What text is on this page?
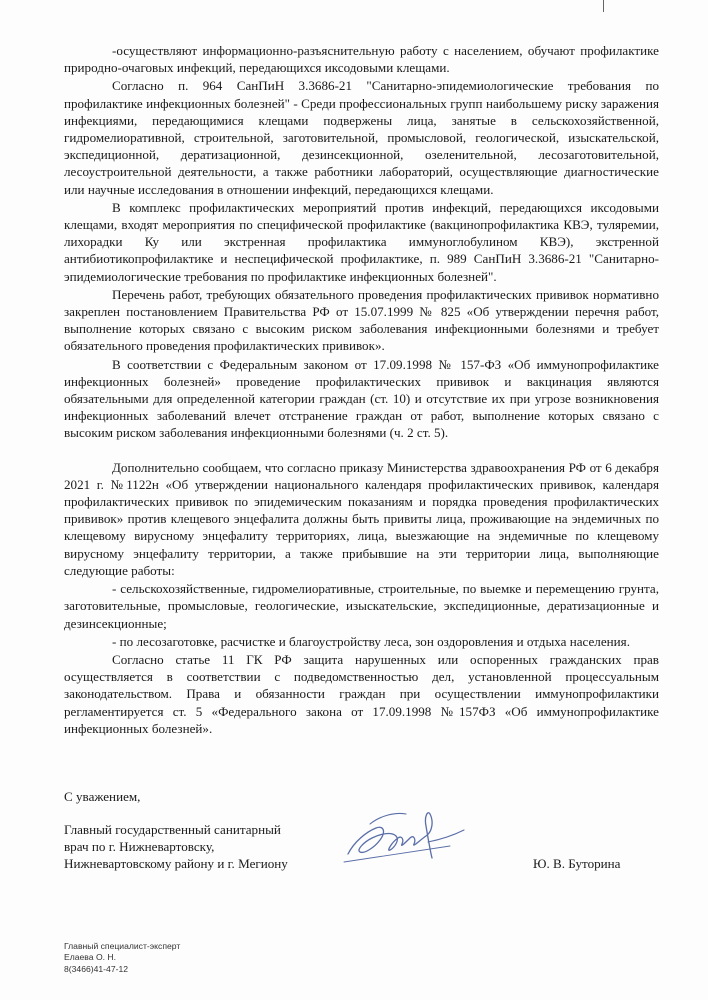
-осуществляют информационно-разъяснительную работу с населением, обучают профилактике природно-очаговых инфекций, передающихся иксодовыми клещами.

Согласно п. 964 СанПиН 3.3686-21 "Санитарно-эпидемиологические требования по профилактике инфекционных болезней" - Среди профессиональных групп наибольшему риску заражения инфекциями, передающимися клещами подвержены лица, занятые в сельскохозяйственной, гидромелиоративной, строительной, заготовительной, промысловой, геологической, изыскательской, экспедиционной, дератизационной, дезинсекционной, озеленительной, лесозаготовительной, лесоустроительной деятельности, а также работники лабораторий, осуществляющие диагностические или научные исследования в отношении инфекций, передающихся клещами.

В комплекс профилактических мероприятий против инфекций, передающихся иксодовыми клещами, входят мероприятия по специфической профилактике (вакцинопрофилактика КВЭ, туляремии, лихорадки Ку или экстренная профилактика иммуноглобулином КВЭ), экстренной антибиотикопрофилактике и неспецифической профилактике, п. 989 СанПиН 3.3686-21 "Санитарно-эпидемиологические требования по профилактике инфекционных болезней".

Перечень работ, требующих обязательного проведения профилактических прививок нормативно закреплен постановлением Правительства РФ от 15.07.1999 № 825 «Об утверждении перечня работ, выполнение которых связано с высоким риском заболевания инфекционными болезнями и требует обязательного проведения профилактических прививок».

В соответствии с Федеральным законом от 17.09.1998 № 157-ФЗ «Об иммунопрофилактике инфекционных болезней» проведение профилактических прививок и вакцинация являются обязательными для определенной категории граждан (ст. 10) и отсутствие их при угрозе возникновения инфекционных заболеваний влечет отстранение граждан от работ, выполнение которых связано с высоким риском заболевания инфекционными болезнями (ч. 2 ст. 5).

Дополнительно сообщаем, что согласно приказу Министерства здравоохранения РФ от 6 декабря 2021 г. №1122н «Об утверждении национального календаря профилактических прививок, календаря профилактических прививок по эпидемическим показаниям и порядка проведения профилактических прививок» против клещевого энцефалита должны быть привиты лица, проживающие на эндемичных по клещевому вирусному энцефалиту территориях, лица, выезжающие на эндемичные по клещевому вирусному энцефалиту территории, а также прибывшие на эти территории лица, выполняющие следующие работы:

- сельскохозяйственные, гидромелиоративные, строительные, по выемке и перемещению грунта, заготовительные, промысловые, геологические, изыскательские, экспедиционные, дератизационные и дезинсекционные;

- по лесозаготовке, расчистке и благоустройству леса, зон оздоровления и отдыха населения.

Согласно статье 11 ГК РФ защита нарушенных или оспоренных гражданских прав осуществляется в соответствии с подведомственностью дел, установленной процессуальным законодательством. Права и обязанности граждан при осуществлении иммунопрофилактики регламентируется ст. 5 «Федерального закона от 17.09.1998 №157ФЗ «Об иммунопрофилактике инфекционных болезней».

С уважением,
Главный государственный санитарный
врач по г. Нижневартовску,
Нижневартовскому району и г. Мегиону	Ю. В. Буторина
Главный специалист-эксперт
Елаева О. Н.
8(3466)41-47-12
